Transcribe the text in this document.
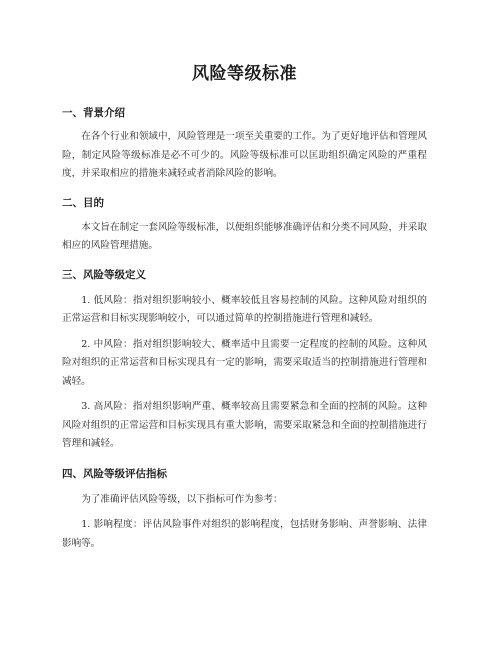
风险等级标准
一、背景介绍

在各个行业和领域中，风险管理是一项至关重要的工作。为了更好地评估和管理风险，制定风险等级标准是必不可少的。风险等级标准可以匡助组织确定风险的严重程度，并采取相应的措施来减轻或者消除风险的影响。

二、目的

本文旨在制定一套风险等级标准，以便组织能够准确评估和分类不同风险，并采取相应的风险管理措施。

三、风险等级定义

1. 低风险：指对组织影响较小、概率较低且容易控制的风险。这种风险对组织的正常运营和目标实现影响较小，可以通过简单的控制措施进行管理和减轻。

2. 中风险：指对组织影响较大、概率适中且需要一定程度的控制的风险。这种风险对组织的正常运营和目标实现具有一定的影响，需要采取适当的控制措施进行管理和减轻。

3. 高风险：指对组织影响严重、概率较高且需要紧急和全面的控制的风险。这种风险对组织的正常运营和目标实现具有重大影响，需要采取紧急和全面的控制措施进行管理和减轻。

四、风险等级评估指标

为了准确评估风险等级，以下指标可作为参考：

1. 影响程度：评估风险事件对组织的影响程度，包括财务影响、声誉影响、法律影响等。
